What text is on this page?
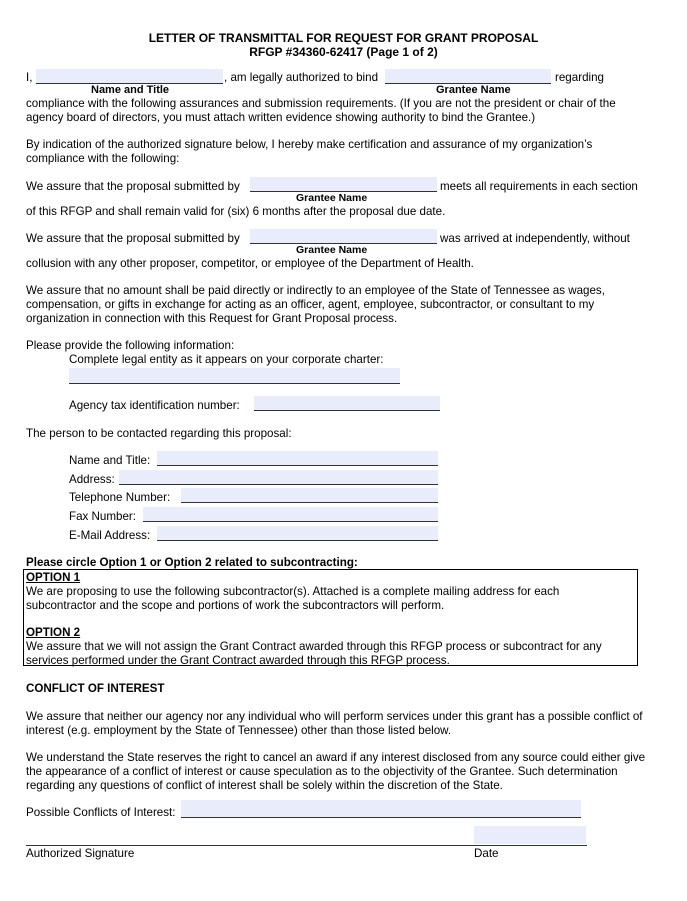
LETTER OF TRANSMITTAL FOR REQUEST FOR GRANT PROPOSAL
RFGP #34360-62417 (Page 1 of 2)
I,	, am legally authorized to bind	regarding
Name and Title	Grantee Name
compliance with the following assurances and submission requirements. (If you are not the president or chair of the
agency board of directors, you must attach written evidence showing authority to bind the Grantee.)
By indication of the authorized signature below, I hereby make certification and assurance of my organization’s
compliance with the following:
We assure that the proposal submitted by	meets all requirements in each section
Grantee Name
of this RFGP and shall remain valid for (six) 6 months after the proposal due date.
We assure that the proposal submitted by	was arrived at independently, without
Grantee Name
collusion with any other proposer, competitor, or employee of the Department of Health.
We assure that no amount shall be paid directly or indirectly to an employee of the State of Tennessee as wages,
compensation, or gifts in exchange for acting as an officer, agent, employee, subcontractor, or consultant to my
organization in connection with this Request for Grant Proposal process.
Please provide the following information:
Complete legal entity as it appears on your corporate charter:
Agency tax identification number:
The person to be contacted regarding this proposal:
Name and Title:
Address:
Telephone Number:
Fax Number:
E-Mail Address:
Please circle Option 1 or Option 2 related to subcontracting:
OPTION 1
We are proposing to use the following subcontractor(s). Attached is a complete mailing address for each
subcontractor and the scope and portions of work the subcontractors will perform.
OPTION 2
We assure that we will not assign the Grant Contract awarded through this RFGP process or subcontract for any
services performed under the Grant Contract awarded through this RFGP process.
CONFLICT OF INTEREST
We assure that neither our agency nor any individual who will perform services under this grant has a possible conflict of
interest (e.g. employment by the State of Tennessee) other than those listed below.
We understand the State reserves the right to cancel an award if any interest disclosed from any source could either give
the appearance of a conflict of interest or cause speculation as to the objectivity of the Grantee. Such determination
regarding any questions of conflict of interest shall be solely within the discretion of the State.
Possible Conflicts of Interest:
Authorized Signature	Date
